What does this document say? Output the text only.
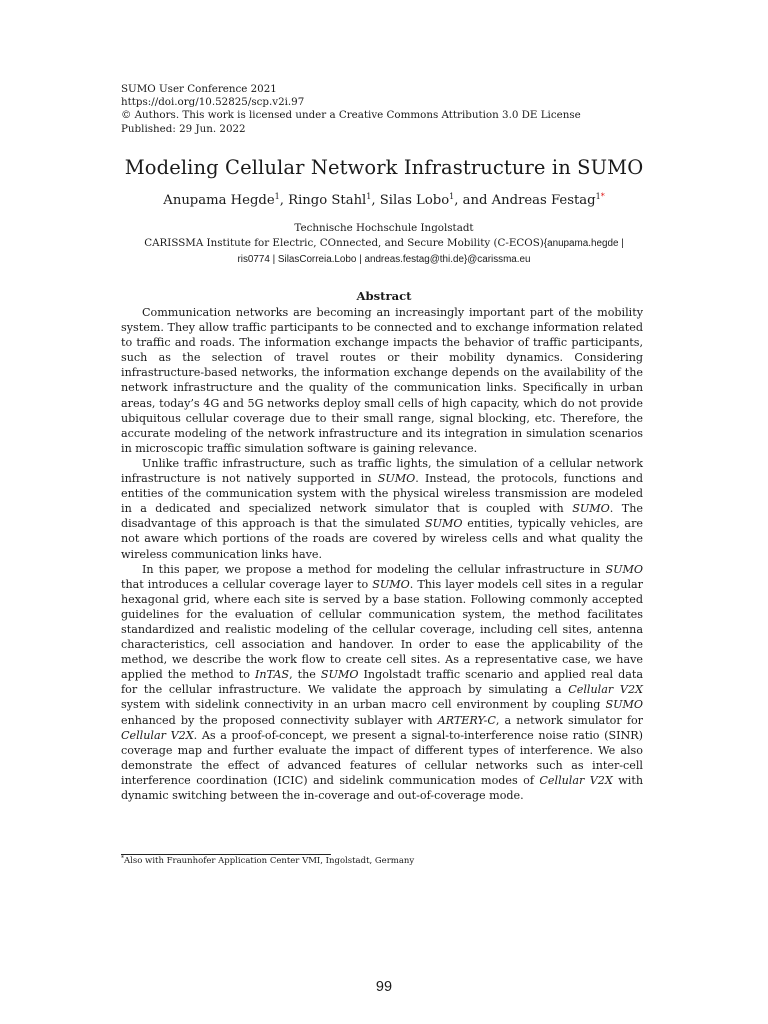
SUMO User Conference 2021
https://doi.org/10.52825/scp.v2i.97
© Authors. This work is licensed under a Creative Commons Attribution 3.0 DE License
Published: 29 Jun. 2022
Modeling Cellular Network Infrastructure in SUMO
Anupama Hegde$^1$, Ringo Stahl$^1$, Silas Lobo$^1$, and Andreas Festag$^{1*}$
Technische Hochschule Ingolstadt
CARISSMA Institute for Electric, COnnected, and Secure Mobility (C-ECOS){anupama.hegde |
ris0774 | SilasCorreia.Lobo | andreas.festag@thi.de}@carissma.eu
Abstract

Communication networks are becoming an increasingly important part of the mobility system. They allow traffic participants to be connected and to exchange information related to traffic and roads. The information exchange impacts the behavior of traffic participants, such as the selection of travel routes or their mobility dynamics. Considering infrastructure-based networks, the information exchange depends on the availability of the network infrastructure and the quality of the communication links. Specifically in urban areas, today’s 4G and 5G networks deploy small cells of high capacity, which do not provide ubiquitous cellular coverage due to their small range, signal blocking, etc. Therefore, the accurate modeling of the network infrastructure and its integration in simulation scenarios in microscopic traffic simulation software is gaining relevance.

Unlike traffic infrastructure, such as traffic lights, the simulation of a cellular network infrastructure is not natively supported in SUMO. Instead, the protocols, functions and entities of the communication system with the physical wireless transmission are modeled in a dedicated and specialized network simulator that is coupled with SUMO. The disadvantage of this approach is that the simulated SUMO entities, typically vehicles, are not aware which portions of the roads are covered by wireless cells and what quality the wireless communication links have.

In this paper, we propose a method for modeling the cellular infrastructure in SUMO that introduces a cellular coverage layer to SUMO. This layer models cell sites in a regular hexagonal grid, where each site is served by a base station. Following commonly accepted guidelines for the evaluation of cellular communication system, the method facilitates standardized and realistic modeling of the cellular coverage, including cell sites, antenna characteristics, cell association and handover. In order to ease the applicability of the method, we describe the work flow to create cell sites. As a representative case, we have applied the method to InTAS, the SUMO Ingolstadt traffic scenario and applied real data for the cellular infrastructure. We validate the approach by simulating a Cellular V2X system with sidelink connectivity in an urban macro cell environment by coupling SUMO enhanced by the proposed connectivity sublayer with ARTERY-C, a network simulator for Cellular V2X. As a proof-of-concept, we present a signal-to-interference noise ratio (SINR) coverage map and further evaluate the impact of different types of interference. We also demonstrate the effect of advanced features of cellular networks such as inter-cell interference coordination (ICIC) and sidelink communication modes of Cellular V2X with dynamic switching between the in-coverage and out-of-coverage mode.

*Also with Fraunhofer Application Center VMI, Ingolstadt, Germany
99
